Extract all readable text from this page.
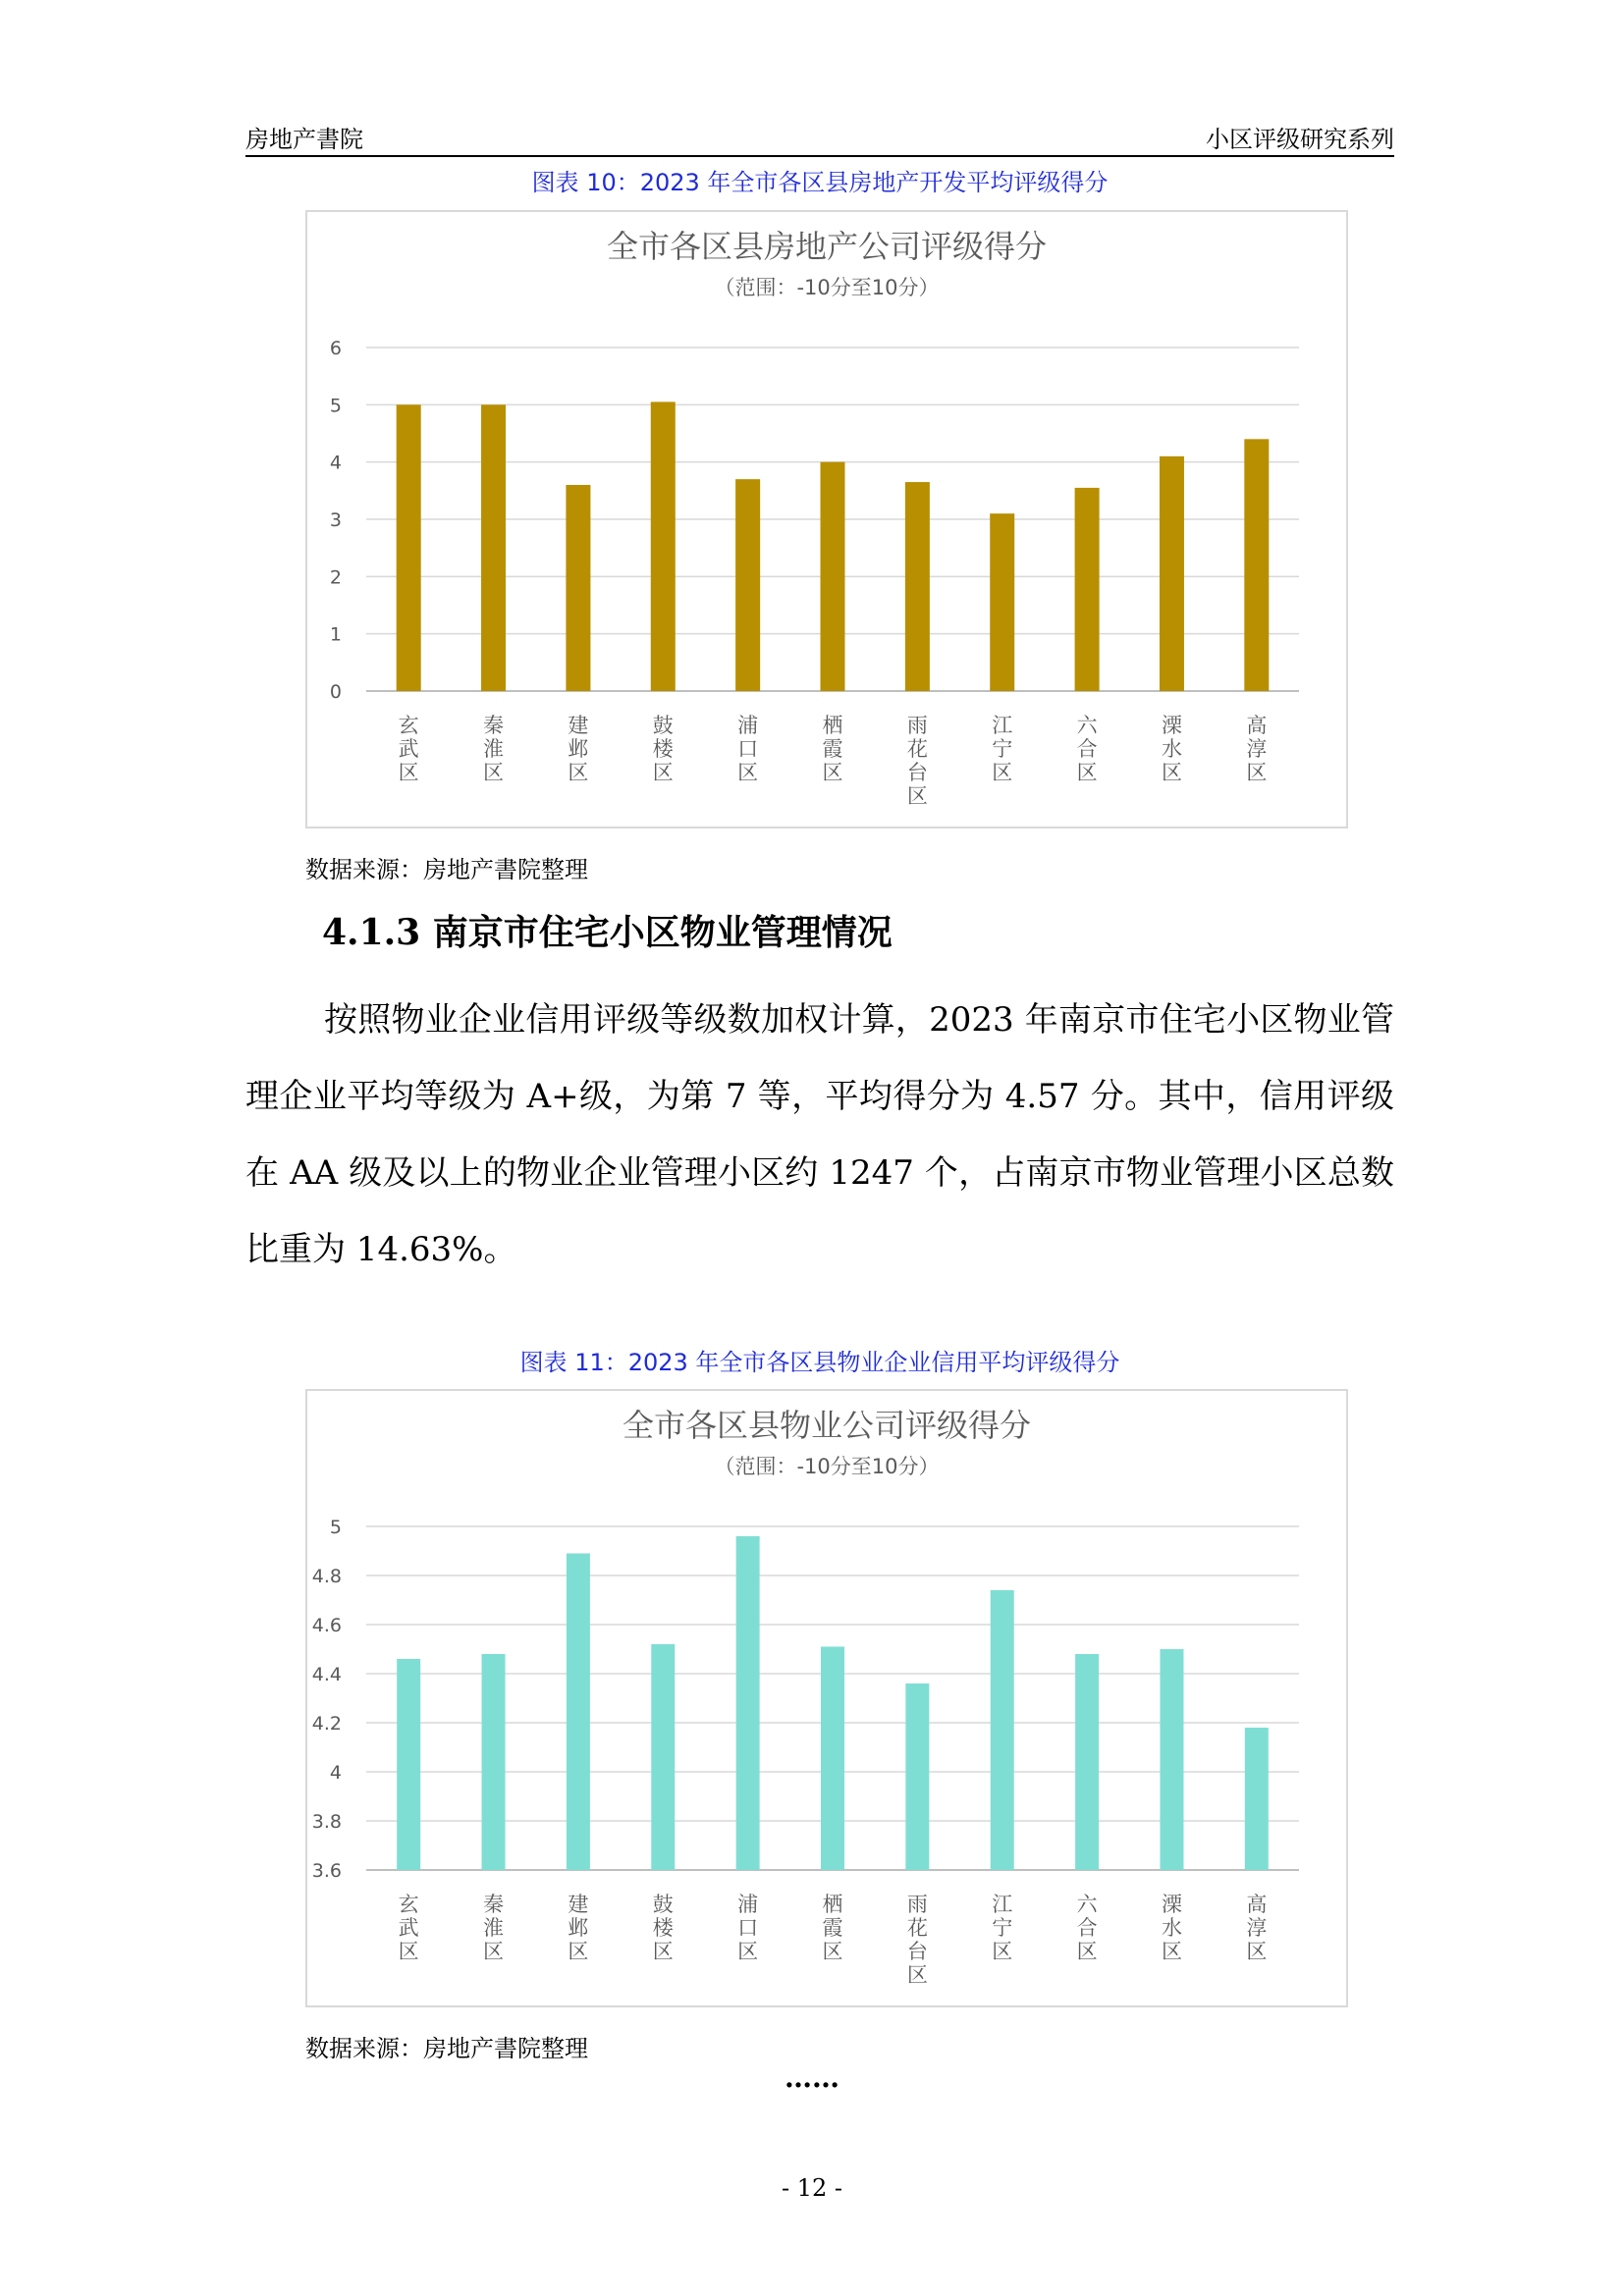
房地产書院	小区评级研究系列
图表 10：2023 年全市各区县房地产开发平均评级得分
全市各区县房地产公司评级得分
（范围：-10分至10分）
0
1
2
3
4
5
6
玄武区
秦淮区
建邺区
鼓楼区
浦口区
栖霞区
雨花台区
江宁区
六合区
溧水区
高淳区
数据来源：房地产書院整理
4.1.3 南京市住宅小区物业管理情况
按照物业企业信用评级等级数加权计算，2023 年南京市住宅小区物业管理企业平均等级为 A+级，为第 7 等，平均得分为 4.57 分。其中，信用评级在 AA 级及以上的物业企业管理小区约 1247 个，占南京市物业管理小区总数比重为 14.63%。
图表 11：2023 年全市各区县物业企业信用平均评级得分
全市各区县物业公司评级得分
（范围：-10分至10分）
3.6
3.8
4
4.2
4.4
4.6
4.8
5
玄武区
秦淮区
建邺区
鼓楼区
浦口区
栖霞区
雨花台区
江宁区
六合区
溧水区
高淳区
数据来源：房地产書院整理
……
- 12 -
